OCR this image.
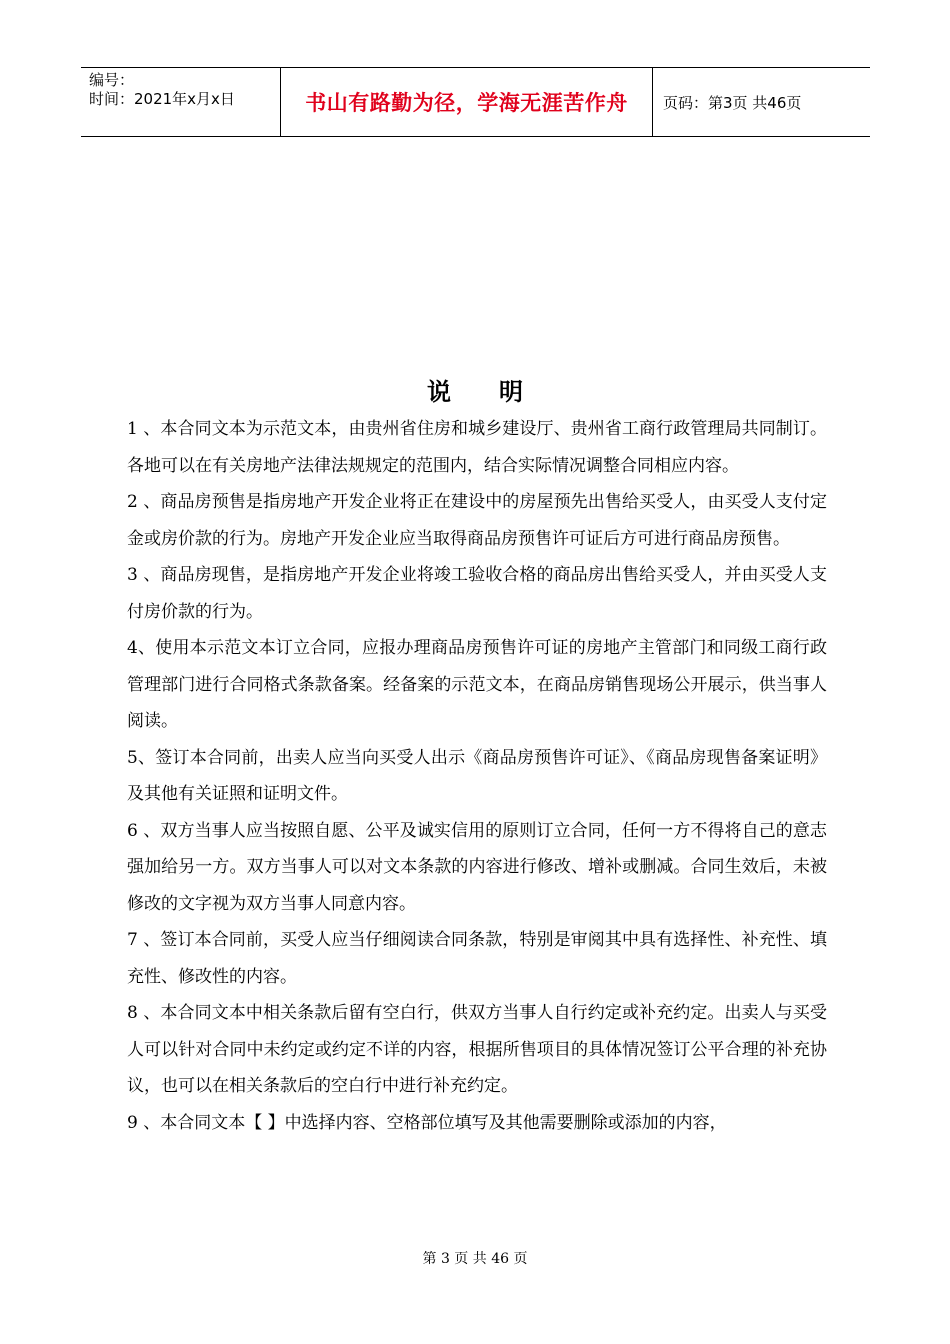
编号：
时间：2021年x月x日	书山有路勤为径，学海无涯苦作舟	页码：第3页 共46页
说明

1 、本合同文本为示范文本，由贵州省住房和城乡建设厅、贵州省工商行政管理局共同制订。各地可以在有关房地产法律法规规定的范围内，结合实际情况调整合同相应内容。

2 、商品房预售是指房地产开发企业将正在建设中的房屋预先出售给买受人，由买受人支付定金或房价款的行为。房地产开发企业应当取得商品房预售许可证后方可进行商品房预售。

3 、商品房现售，是指房地产开发企业将竣工验收合格的商品房出售给买受人，并由买受人支付房价款的行为。

4、使用本示范文本订立合同，应报办理商品房预售许可证的房地产主管部门和同级工商行政管理部门进行合同格式条款备案。经备案的示范文本，在商品房销售现场公开展示，供当事人阅读。

5、签订本合同前，出卖人应当向买受人出示《商品房预售许可证》、《商品房现售备案证明》及其他有关证照和证明文件。

6 、双方当事人应当按照自愿、公平及诚实信用的原则订立合同，任何一方不得将自己的意志强加给另一方。双方当事人可以对文本条款的内容进行修改、增补或删减。合同生效后，未被修改的文字视为双方当事人同意内容。

7 、签订本合同前，买受人应当仔细阅读合同条款，特别是审阅其中具有选择性、补充性、填充性、修改性的内容。

8 、本合同文本中相关条款后留有空白行，供双方当事人自行约定或补充约定。出卖人与买受人可以针对合同中未约定或约定不详的内容，根据所售项目的具体情况签订公平合理的补充协议，也可以在相关条款后的空白行中进行补充约定。

9 、本合同文本【 】中选择内容、空格部位填写及其他需要删除或添加的内容，

第 3 页 共 46 页
